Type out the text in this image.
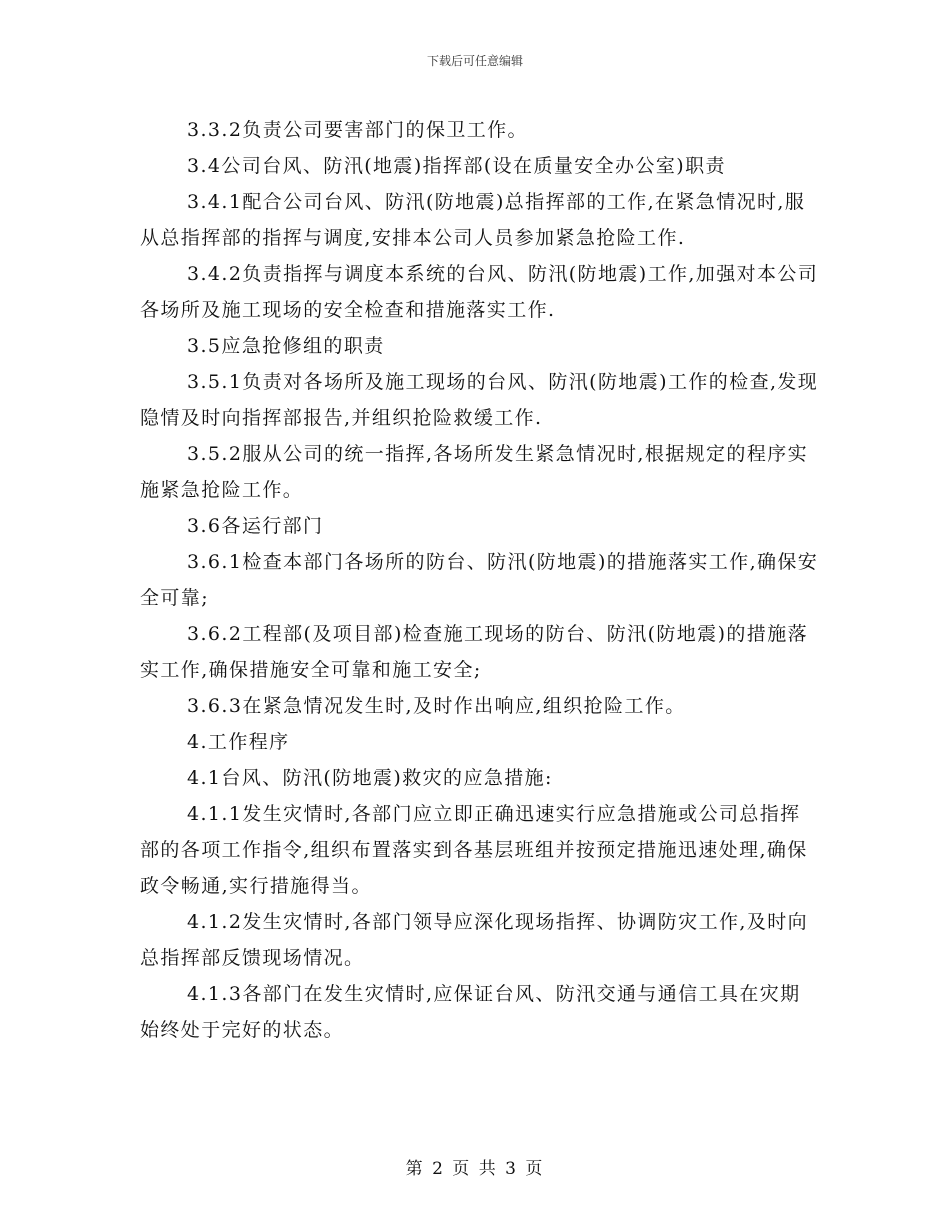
下载后可任意编辑

3.3.2负责公司要害部门的保卫工作。

3.4公司台风、防汛(地震)指挥部(设在质量安全办公室)职责

3.4.1配合公司台风、防汛(防地震)总指挥部的工作,在紧急情况时,服从总指挥部的指挥与调度,安排本公司人员参加紧急抢险工作.

3.4.2负责指挥与调度本系统的台风、防汛(防地震)工作,加强对本公司各场所及施工现场的安全检查和措施落实工作.

3.5应急抢修组的职责

3.5.1负责对各场所及施工现场的台风、防汛(防地震)工作的检查,发现隐情及时向指挥部报告,并组织抢险救缓工作.

3.5.2服从公司的统一指挥,各场所发生紧急情况时,根据规定的程序实施紧急抢险工作。

3.6各运行部门

3.6.1检查本部门各场所的防台、防汛(防地震)的措施落实工作,确保安全可靠;

3.6.2工程部(及项目部)检查施工现场的防台、防汛(防地震)的措施落实工作,确保措施安全可靠和施工安全;

3.6.3在紧急情况发生时,及时作出响应,组织抢险工作。

4.工作程序

4.1台风、防汛(防地震)救灾的应急措施:

4.1.1发生灾情时,各部门应立即正确迅速实行应急措施或公司总指挥部的各项工作指令,组织布置落实到各基层班组并按预定措施迅速处理,确保政令畅通,实行措施得当。

4.1.2发生灾情时,各部门领导应深化现场指挥、协调防灾工作,及时向总指挥部反馈现场情况。

4.1.3各部门在发生灾情时,应保证台风、防汛交通与通信工具在灾期始终处于完好的状态。

第 2 页 共 3 页
